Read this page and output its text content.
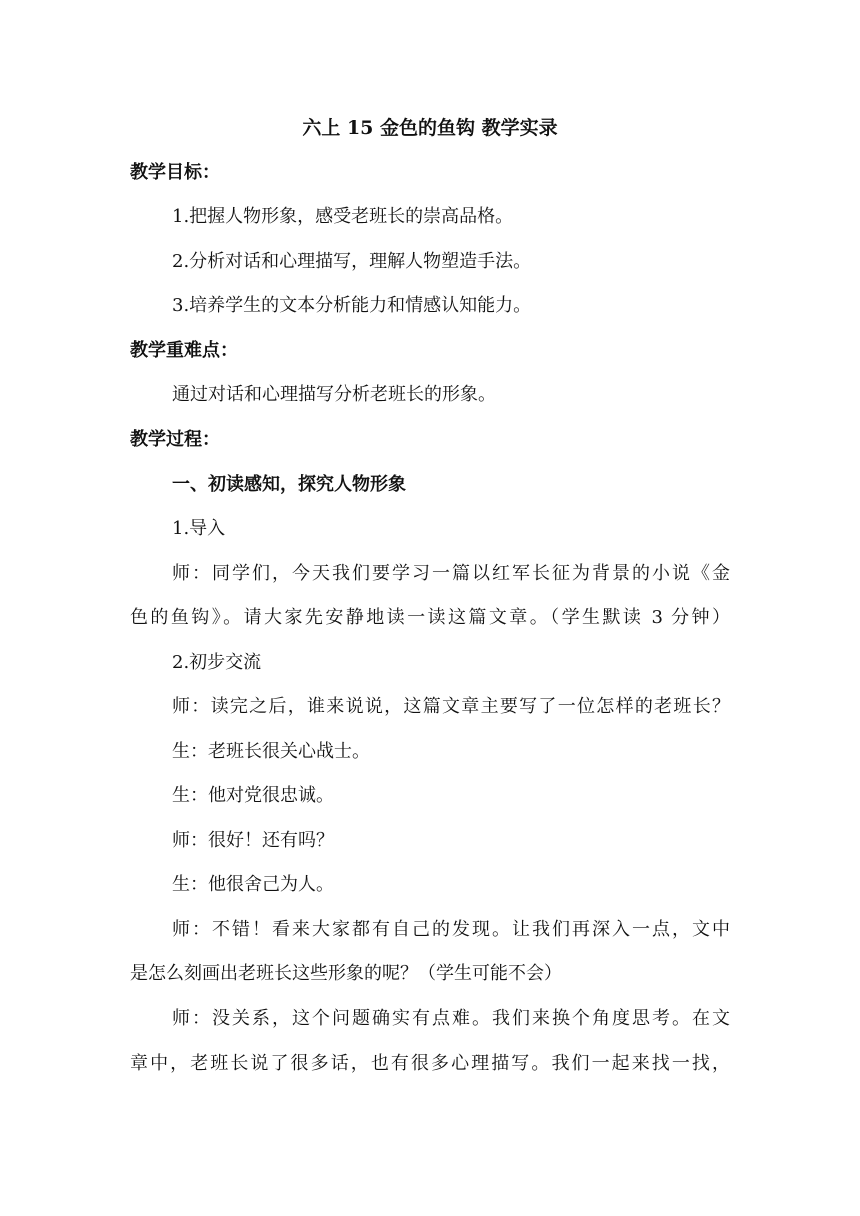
六上 15 金色的鱼钩 教学实录
教学目标：
1.把握人物形象，感受老班长的崇高品格。
2.分析对话和心理描写，理解人物塑造手法。
3.培养学生的文本分析能力和情感认知能力。
教学重难点：
通过对话和心理描写分析老班长的形象。
教学过程：
一、初读感知，探究人物形象
1.导入
师：同学们，今天我们要学习一篇以红军长征为背景的小说《金
色的鱼钩》。请大家先安静地读一读这篇文章。（学生默读 3 分钟）
2.初步交流
师：读完之后，谁来说说，这篇文章主要写了一位怎样的老班长？
生：老班长很关心战士。
生：他对党很忠诚。
师：很好！还有吗？
生：他很舍己为人。
师：不错！看来大家都有自己的发现。让我们再深入一点，文中
是怎么刻画出老班长这些形象的呢？（学生可能不会）
师：没关系，这个问题确实有点难。我们来换个角度思考。在文
章中，老班长说了很多话，也有很多心理描写。我们一起来找一找，
